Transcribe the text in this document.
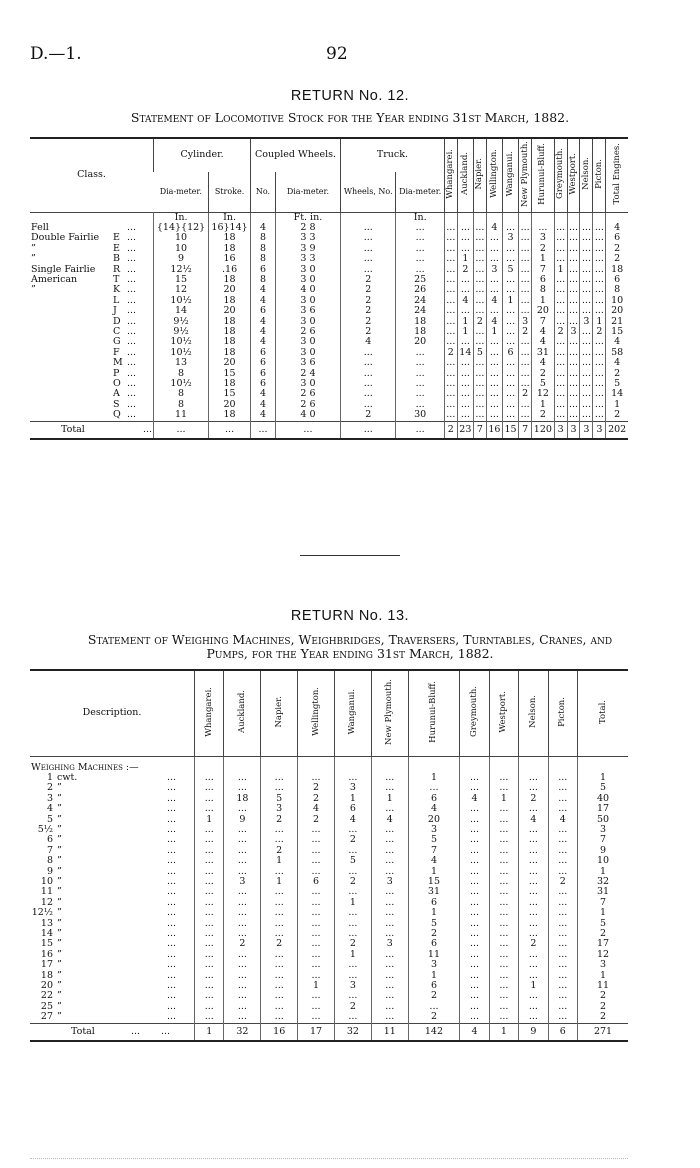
D.—1.	92
RETURN No. 12.
Statement of Locomotive Stock for the Year ending 31st March, 1882.
Class.	Cylinder.		Coupled Wheels.		Truck.		Whangarei.	Auckland.	Napier.	Wellington.	Wanganui.	New Plymouth.	Hurunui-Bluff.	Greymouth.	Westport.	Nelson.	Picton.	Total Engines.
	Dia-meter.	Stroke.	No.	Dia-meter.	Wheels, No.	Dia-meter.												
	In.	In.		Ft. in.		In.												
Fell ...	{14}{12}	16}14}	4	2 8	...	...	...	...	...	4	...	...	...	...	...	...	...	4
Double Fairlie E ...	10	18	8	3 3	...	...	...	...	...	...	3	...	3	...	...	...	...	6
” E ...	10	18	8	3 9	...	...	...	...	...	...	...	...	2	...	...	...	...	2
” B ...	9	16	8	3 3	...	...	...	1	...	...	...	...	1	...	...	...	...	2
Single Fairlie R ...	12½	.16	6	3 0	...	...	...	2	...	3	5	...	7	1	...	...	...	18
American T ...	15	18	8	3 0	2	25	...	...	...	...	...	...	6	...	...	...	...	6
” K ...	12	20	4	4 0	2	26	...	...	...	...	...	...	8	...	...	...	...	8
L ...	10½	18	4	3 0	2	24	...	4	...	4	1	...	1	...	...	...	...	10
J ...	14	20	6	3 6	2	24	...	...	...	...	...	...	20	...	...	...	...	20
D ...	9½	18	4	3 0	2	18	...	1	2	4	...	3	7	...	...	3	1	21
C ...	9½	18	4	2 6	2	18	...	1	...	1	...	2	4	2	3	...	2	15
G ...	10½	18	4	3 0	4	20	...	...	...	...	...	...	4	...	...	...	...	4
F ...	10½	18	6	3 0	...	...	2	14	5	...	6	...	31	...	...	...	...	58
M ...	13	20	6	3 6	...	...	...	...	...	...	...	...	4	...	...	...	...	4
P ...	8	15	6	2 4	...	...	...	...	...	...	...	...	2	...	...	...	...	2
O ...	10½	18	6	3 0	...	...	...	...	...	...	...	...	5	...	...	...	...	5
A ...	8	15	4	2 6	...	...	...	...	...	...	...	2	12	...	...	...	...	14
S ...	8	20	4	2 6	...	...	...	...	...	...	...	...	1	...	...	...	...	1
Q ...	11	18	4	4 0	2	30	...	...	...	...	...	...	2	...	...	...	...	2
Total ...	...	...	...	...	...	...	2	23	7	16	15	7	120	3	3	3	3	202
RETURN No. 13.
Statement of Weighing Machines, Weighbridges, Traversers, Turntables, Cranes, and
Pumps, for the Year ending 31st March, 1882.
Description.	Whangarei.	Auckland.	Napier.	Wellington.	Wanganui.	New Plymouth.	Hurunui-Bluff.	Greymouth.	Westport.	Nelson.	Picton.	Total.
Weighing Machines :—												
1 cwt. ...	...	...	...	...	...	...	1	...	...	...	...	1
2 ” ...	...	...	...	2	3	...	...	...	...	...	...	5
3 ” ...	...	18	5	2	1	1	6	4	1	2	...	40
4 ” ...	...	...	3	4	6	...	4	...	...	...	...	17
5 ” ...	1	9	2	2	4	4	20	...	...	4	4	50
5½ ” ...	...	...	...	...	...	...	3	...	...	...	...	3
6 ” ...	...	...	...	...	2	...	5	...	...	...	...	7
7 ” ...	...	...	2	...	...	...	7	...	...	...	...	9
8 ” ...	...	...	1	...	5	...	4	...	...	...	...	10
9 ” ...	...	...	...	...	...	...	1	...	...	...	...	1
10 ” ...	...	3	1	6	2	3	15	...	...	...	2	32
11 ” ...	...	...	...	...	...	...	31	...	...	...	...	31
12 ” ...	...	...	...	...	1	...	6	...	...	...	...	7
12½ ” ...	...	...	...	...	...	...	1	...	...	...	...	1
13 ” ...	...	...	...	...	...	...	5	...	...	...	...	5
14 ” ...	...	...	...	...	...	...	2	...	...	...	...	2
15 ” ...	...	2	2	...	2	3	6	...	...	2	...	17
16 ” ...	...	...	...	...	1	...	11	...	...	...	...	12
17 ” ...	...	...	...	...	...	...	3	...	...	...	...	3
18 ” ...	...	...	...	...	...	...	1	...	...	...	...	1
20 ” ...	...	...	...	1	3	...	6	...	...	1	...	11
22 ” ...	...	...	...	...	...	...	2	...	...	...	...	2
25 ” ...	...	...	...	...	2	...	...	...	...	...	...	2
27 ” ...	...	...	...	...	...	...	2	...	...	...	...	2
Total ... ...	1	32	16	17	32	11	142	4	1	9	6	271
